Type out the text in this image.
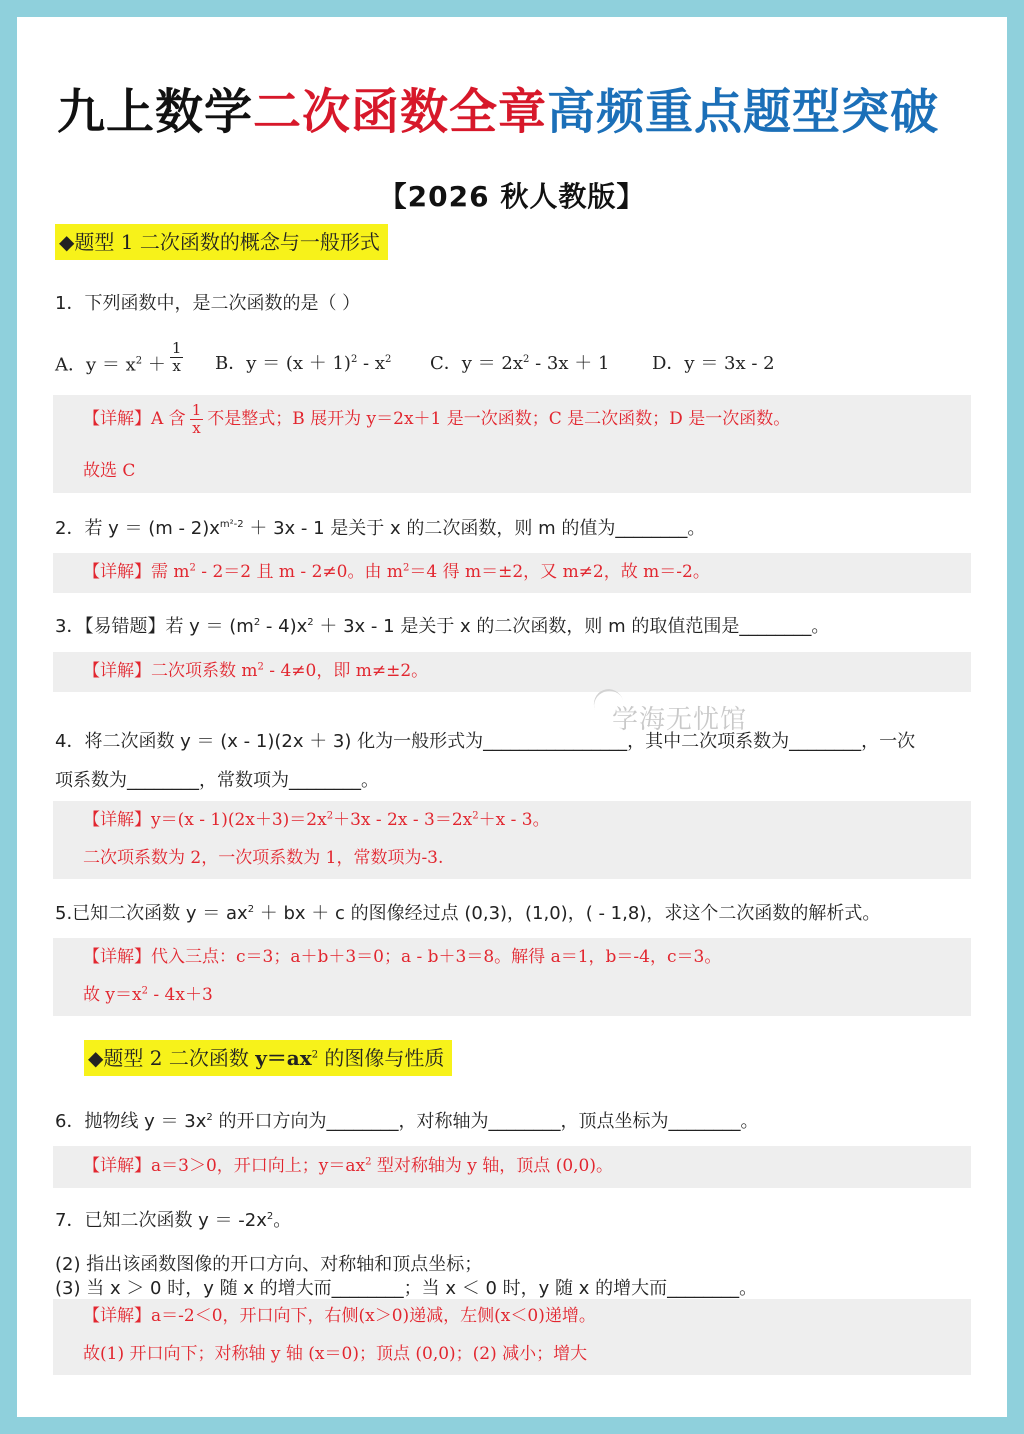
九上数学二次函数全章高频重点题型突破
【2026 秋人教版】
◆题型 1 二次函数的概念与一般形式
1．下列函数中，是二次函数的是（ ）
A．$y = x^2 + \frac{1}{x}$ B．$y = (x + 1)^2 - x^2$ C．$y = 2x^2 - 3x + 1$ D．y ＝ 3x - 2
【详解】A 含 $\frac{1}{x}$ 不是整式；B 展开为 y＝2x＋1 是一次函数；C 是二次函数；D 是一次函数。
故选 C
2．若 $y = (m - 2)x^{m^2-2} + 3x - 1$ 是关于 x 的二次函数，则 m 的值为________。
【详解】需 $m^2 - 2=2$ 且 m - 2≠0。由 $m^2=4$ 得 m＝±2，又 m≠2，故 m＝-2。
3．【易错题】若 $y = (m^2 - 4)x^2 + 3x - 1$ 是关于 x 的二次函数，则 m 的取值范围是________。
【详解】二次项系数 $m^2 - 4\ne 0$，即 m≠±2。
学海无忧馆
4．将二次函数 y ＝ (x - 1)(2x ＋ 3) 化为一般形式为________________，其中二次项系数为________，一次
项系数为________，常数项为________。
【详解】$y=(x - 1)(2x+3)=2x^2+3x - 2x - 3=2x^2+x - 3$。
二次项系数为 2，一次项系数为 1，常数项为-3.
5.已知二次函数 $y = ax^2$ ＋ bx ＋ c 的图像经过点 (0,3)，(1,0)，( - 1,8)，求这个二次函数的解析式。
【详解】代入三点：c＝3；a＋b＋3＝0；a - b＋3＝8。解得 a＝1，b＝-4，c＝3。
故 $y=x^2 - 4x+3$
◆题型 2 二次函数 $y=ax^2$ 的图像与性质
6．抛物线 $y = 3x^2$ 的开口方向为________，对称轴为________，顶点坐标为________。
【详解】a＝3＞0，开口向上；$y=ax^2$ 型对称轴为 y 轴，顶点 (0,0)。
7．已知二次函数 $y = -2x^2$。
(2) 指出该函数图像的开口方向、对称轴和顶点坐标；
(3) 当 x ＞ 0 时，y 随 x 的增大而________；当 x ＜ 0 时，y 随 x 的增大而________。
【详解】a＝-2＜0，开口向下，右侧(x＞0)递减，左侧(x＜0)递增。
故(1) 开口向下；对称轴 y 轴 (x＝0)；顶点 (0,0)；(2) 减小；增大
